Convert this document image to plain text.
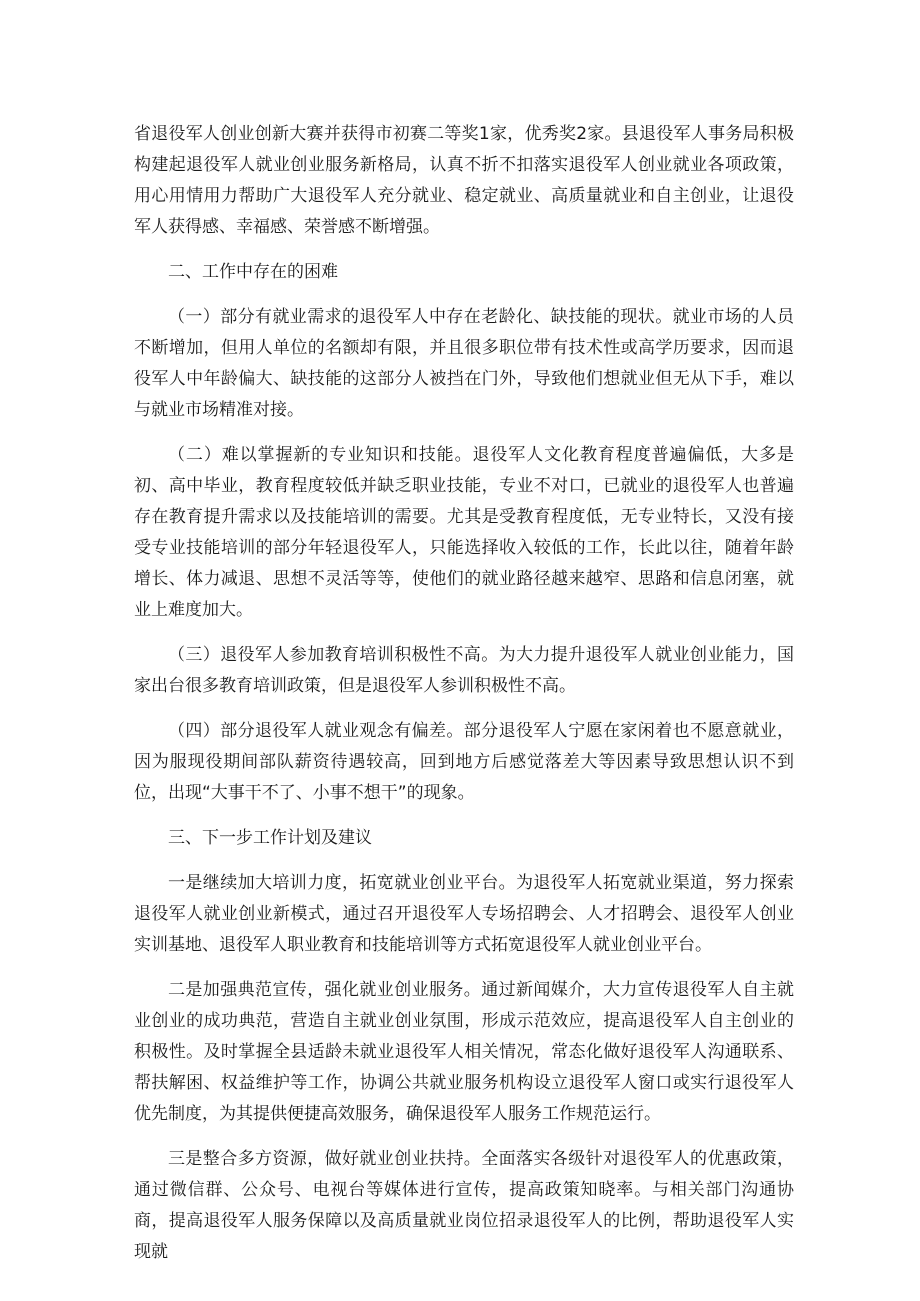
省退役军人创业创新大赛并获得市初赛二等奖1家，优秀奖2家。县退役军人事务局积极构建起退役军人就业创业服务新格局，认真不折不扣落实退役军人创业就业各项政策，用心用情用力帮助广大退役军人充分就业、稳定就业、高质量就业和自主创业，让退役军人获得感、幸福感、荣誉感不断增强。

二、工作中存在的困难

（一）部分有就业需求的退役军人中存在老龄化、缺技能的现状。就业市场的人员不断增加，但用人单位的名额却有限，并且很多职位带有技术性或高学历要求，因而退役军人中年龄偏大、缺技能的这部分人被挡在门外，导致他们想就业但无从下手，难以与就业市场精准对接。

（二）难以掌握新的专业知识和技能。退役军人文化教育程度普遍偏低，大多是初、高中毕业，教育程度较低并缺乏职业技能，专业不对口，已就业的退役军人也普遍存在教育提升需求以及技能培训的需要。尤其是受教育程度低，无专业特长，又没有接受专业技能培训的部分年轻退役军人，只能选择收入较低的工作，长此以往，随着年龄增长、体力减退、思想不灵活等等，使他们的就业路径越来越窄、思路和信息闭塞，就业上难度加大。

（三）退役军人参加教育培训积极性不高。为大力提升退役军人就业创业能力，国家出台很多教育培训政策，但是退役军人参训积极性不高。

（四）部分退役军人就业观念有偏差。部分退役军人宁愿在家闲着也不愿意就业，因为服现役期间部队薪资待遇较高，回到地方后感觉落差大等因素导致思想认识不到位，出现“大事干不了、小事不想干”的现象。

三、下一步工作计划及建议

一是继续加大培训力度，拓宽就业创业平台。为退役军人拓宽就业渠道，努力探索退役军人就业创业新模式，通过召开退役军人专场招聘会、人才招聘会、退役军人创业实训基地、退役军人职业教育和技能培训等方式拓宽退役军人就业创业平台。

二是加强典范宣传，强化就业创业服务。通过新闻媒介，大力宣传退役军人自主就业创业的成功典范，营造自主就业创业氛围，形成示范效应，提高退役军人自主创业的积极性。及时掌握全县适龄未就业退役军人相关情况，常态化做好退役军人沟通联系、帮扶解困、权益维护等工作，协调公共就业服务机构设立退役军人窗口或实行退役军人优先制度，为其提供便捷高效服务，确保退役军人服务工作规范运行。

三是整合多方资源，做好就业创业扶持。全面落实各级针对退役军人的优惠政策，通过微信群、公众号、电视台等媒体进行宣传，提高政策知晓率。与相关部门沟通协商，提高退役军人服务保障以及高质量就业岗位招录退役军人的比例，帮助退役军人实现就
